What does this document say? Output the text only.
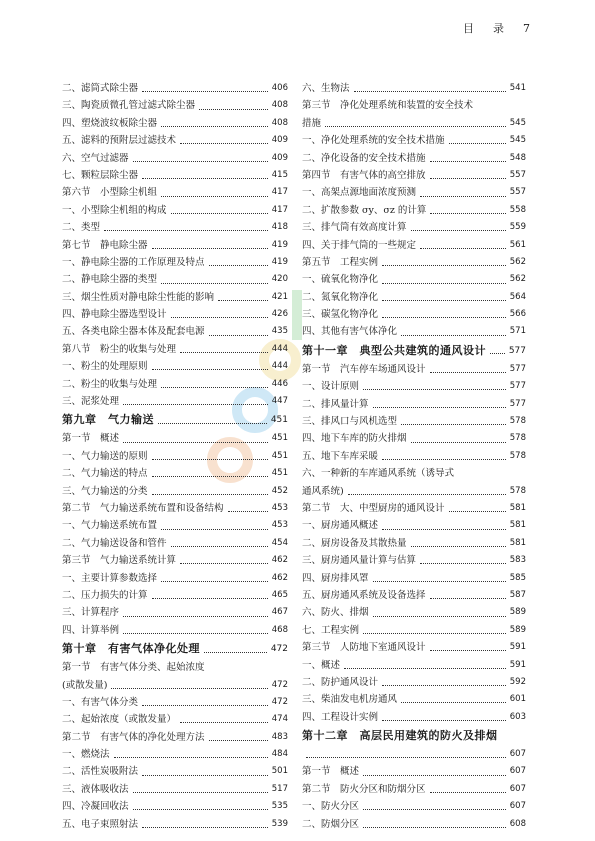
目 录 7
二、滤筒式除尘器	406
三、陶瓷质微孔管过滤式除尘器	408
四、塑烧波纹板除尘器	408
五、滤料的预附层过滤技术	409
六、空气过滤器	409
七、颗粒层除尘器	415
第六节　小型除尘机组	417
一、小型除尘机组的构成	417
二、类型	418
第七节　静电除尘器	419
一、静电除尘器的工作原理及特点	419
二、静电除尘器的类型	420
三、烟尘性质对静电除尘性能的影响	421
四、静电除尘器选型设计	426
五、各类电除尘器本体及配套电源	435
第八节　粉尘的收集与处理	444
一、粉尘的处理原则	444
二、粉尘的收集与处理	446
三、泥浆处理	447
第九章　气力输送	451
第一节　概述	451
一、气力输送的原则	451
二、气力输送的特点	451
三、气力输送的分类	452
第二节　气力输送系统布置和设备结构	453
一、气力输送系统布置	453
二、气力输送设备和管件	454
第三节　气力输送系统计算	462
一、主要计算参数选择	462
二、压力损失的计算	465
三、计算程序	467
四、计算举例	468
第十章　有害气体净化处理	472
第一节　有害气体分类、起始浓度
(或散发量)	472
一、有害气体分类	472
二、起始浓度（或散发量）	474
第二节　有害气体的净化处理方法	483
一、燃烧法	484
二、活性炭吸附法	501
三、液体吸收法	517
四、冷凝回收法	535
五、电子束照射法	539
六、生物法	541
第三节　净化处理系统和装置的安全技术
措施	545
一、净化处理系统的安全技术措施	545
二、净化设备的安全技术措施	548
第四节　有害气体的高空排放	557
一、高架点源地面浓度预测	557
二、扩散参数 σy、σz 的计算	558
三、排气筒有效高度计算	559
四、关于排气筒的一些规定	561
第五节　工程实例	562
一、硫氧化物净化	562
二、氮氧化物净化	564
三、碳氢化物净化	566
四、其他有害气体净化	571
第十一章　典型公共建筑的通风设计	577
第一节　汽车停车场通风设计	577
一、设计原则	577
二、排风量计算	577
三、排风口与风机选型	578
四、地下车库的防火排烟	578
五、地下车库采暖	578
六、一种新的车库通风系统（诱导式
通风系统)	578
第二节　大、中型厨房的通风设计	581
一、厨房通风概述	581
二、厨房设备及其散热量	581
三、厨房通风量计算与估算	583
四、厨房排风罩	585
五、厨房通风系统及设备选择	587
六、防火、排烟	589
七、工程实例	589
第三节　人防地下室通风设计	591
一、概述	591
二、防护通风设计	592
三、柴油发电机房通风	601
四、工程设计实例	603
第十二章　高层民用建筑的防火及排烟
607
第一节　概述	607
第二节　防火分区和防烟分区	607
一、防火分区	607
二、防烟分区	608
